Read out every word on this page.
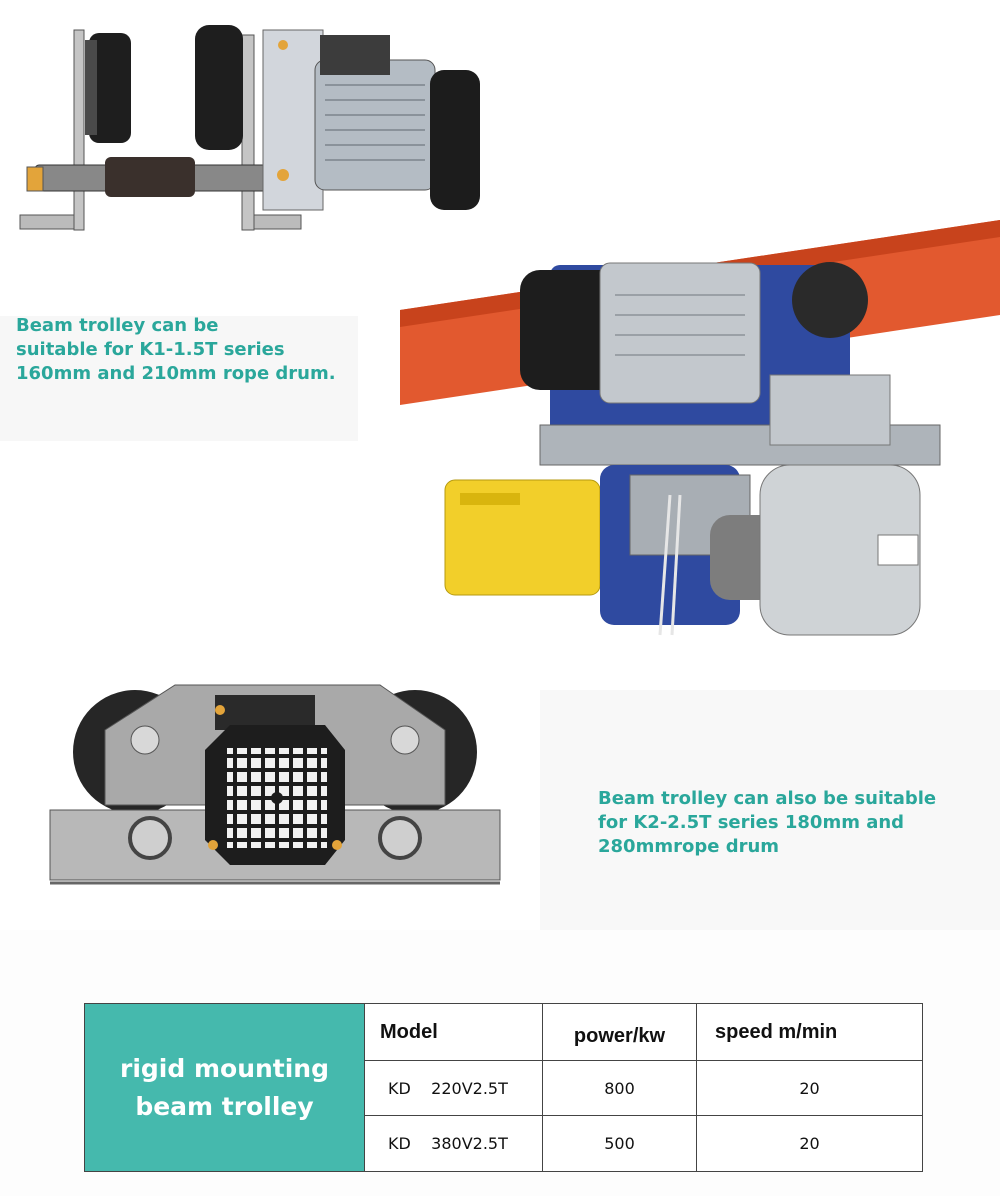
Beam trolley can be
suitable for K1-1.5T series
160mm and 210mm rope drum.
Beam trolley can also be suitable
for K2-2.5T series 180mm and
280mmrope drum
rigid mounting
beam trolley
Model	power/kw	speed m/min
KD    220V2.5T	800	20
KD    380V2.5T	500	20
